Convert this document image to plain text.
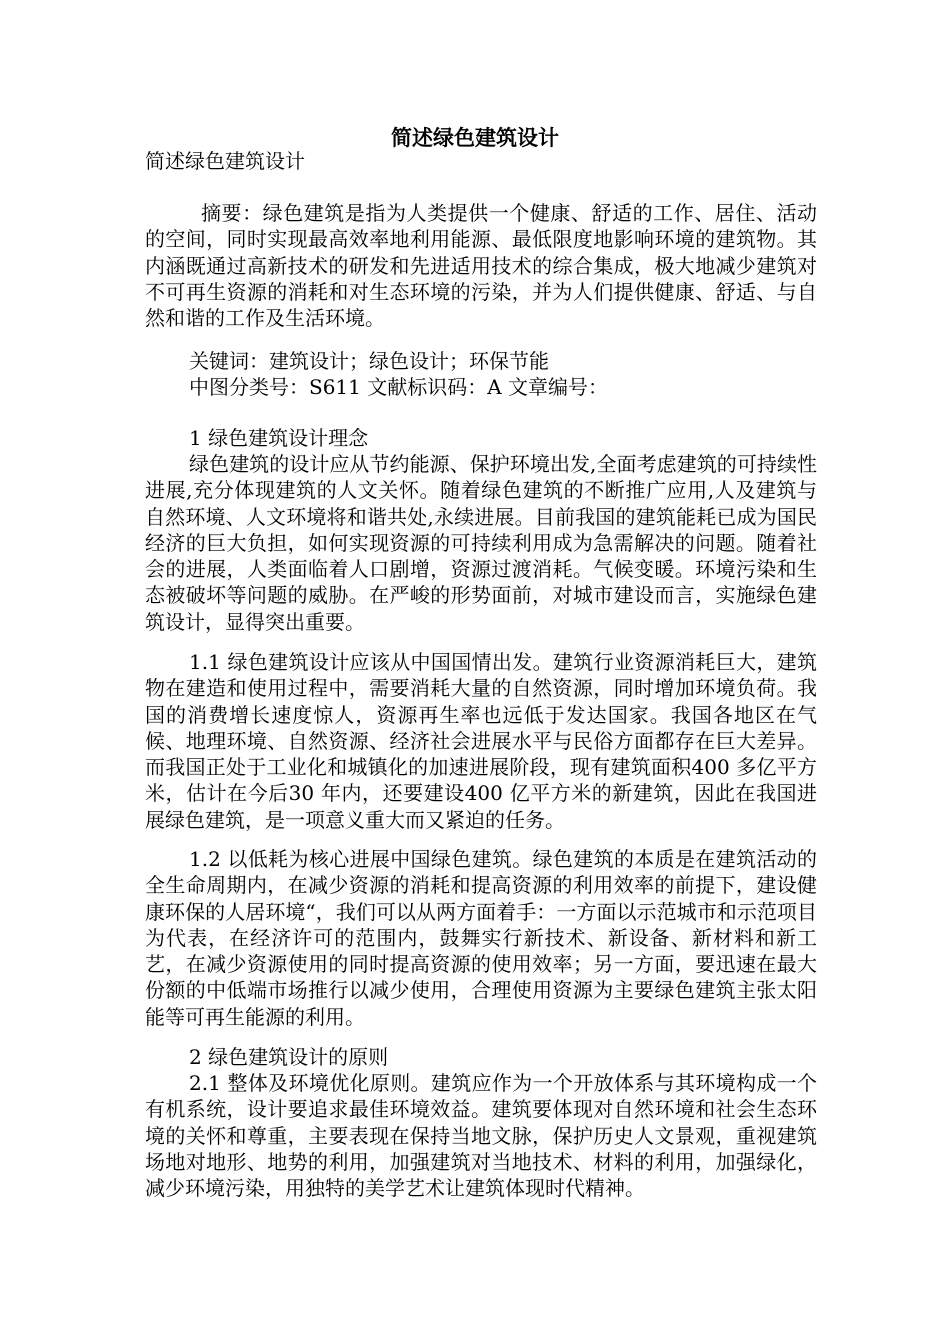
简述绿色建筑设计

简述绿色建筑设计

摘要：绿色建筑是指为人类提供一个健康、舒适的工作、居住、活动的空间，同时实现最高效率地利用能源、最低限度地影响环境的建筑物。其内涵既通过高新技术的研发和先进适用技术的综合集成，极大地减少建筑对不可再生资源的消耗和对生态环境的污染，并为人们提供健康、舒适、与自然和谐的工作及生活环境。

关键词：建筑设计；绿色设计；环保节能
中图分类号：S611 文献标识码：A 文章编号：

1 绿色建筑设计理念

绿色建筑的设计应从节约能源、保护环境出发,全面考虑建筑的可持续性进展,充分体现建筑的人文关怀。随着绿色建筑的不断推广应用,人及建筑与自然环境、人文环境将和谐共处,永续进展。目前我国的建筑能耗已成为国民经济的巨大负担，如何实现资源的可持续利用成为急需解决的问题。随着社会的进展，人类面临着人口剧增，资源过渡消耗。气候变暖。环境污染和生态被破坏等问题的威胁。在严峻的形势面前，对城市建设而言，实施绿色建筑设计，显得突出重要。

1.1 绿色建筑设计应该从中国国情出发。建筑行业资源消耗巨大，建筑物在建造和使用过程中，需要消耗大量的自然资源，同时增加环境负荷。我国的消费增长速度惊人，资源再生率也远低于发达国家。我国各地区在气候、地理环境、自然资源、经济社会进展水平与民俗方面都存在巨大差异。而我国正处于工业化和城镇化的加速进展阶段，现有建筑面积400 多亿平方米，估计在今后30 年内，还要建设400 亿平方米的新建筑，因此在我国进展绿色建筑，是一项意义重大而又紧迫的任务。

1.2 以低耗为核心进展中国绿色建筑。绿色建筑的本质是在建筑活动的全生命周期内，在减少资源的消耗和提高资源的利用效率的前提下，建设健康环保的人居环境“，我们可以从两方面着手：一方面以示范城市和示范项目为代表，在经济许可的范围内，鼓舞实行新技术、新设备、新材料和新工艺，在减少资源使用的同时提高资源的使用效率；另一方面，要迅速在最大份额的中低端市场推行以减少使用，合理使用资源为主要绿色建筑主张太阳能等可再生能源的利用。

2 绿色建筑设计的原则

2.1 整体及环境优化原则。建筑应作为一个开放体系与其环境构成一个有机系统，设计要追求最佳环境效益。建筑要体现对自然环境和社会生态环境的关怀和尊重，主要表现在保持当地文脉，保护历史人文景观，重视建筑场地对地形、地势的利用，加强建筑对当地技术、材料的利用，加强绿化，减少环境污染，用独特的美学艺术让建筑体现时代精神。
